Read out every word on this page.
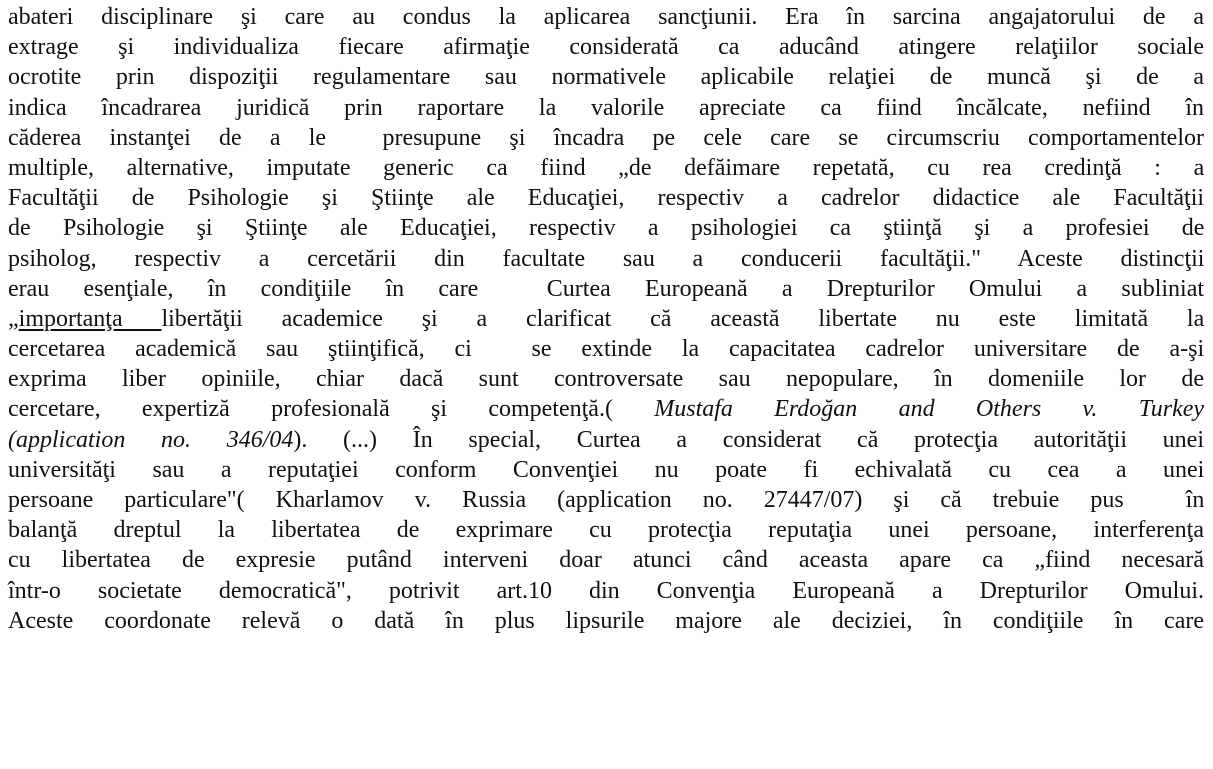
abateri disciplinare şi care au condus la aplicarea sancţiunii. Era în sarcina angajatorului de a
extrage şi individualiza fiecare afirmaţie considerată ca aducând atingere relaţiilor sociale
ocrotite prin dispoziţii regulamentare sau normativele aplicabile relaţiei de muncă şi de a
indica încadrarea juridică prin raportare la valorile apreciate ca fiind încălcate, nefiind în
căderea instanţei de a le  presupune şi încadra pe cele care se circumscriu comportamentelor
multiple, alternative, imputate generic ca fiind „de defăimare repetată, cu rea credinţă : a
Facultăţii de Psihologie şi Ştiinţe ale Educaţiei, respectiv a cadrelor didactice ale Facultăţii
de Psihologie şi Ştiinţe ale Educaţiei, respectiv a psihologiei ca ştiinţă şi a profesiei de
psiholog, respectiv a cercetării din facultate sau a conducerii facultăţii." Aceste distincţii
erau esenţiale, în condiţiile în care  Curtea Europeană a Drepturilor Omului a subliniat
„importanţa libertăţii academice şi a clarificat că această libertate nu este limitată la
cercetarea academică sau ştiinţifică, ci  se extinde la capacitatea cadrelor universitare de a-şi
exprima liber opiniile, chiar dacă sunt controversate sau nepopulare, în domeniile lor de
cercetare, expertiză profesională şi competenţă.( Mustafa Erdoğan and Others v. Turkey
(application no. 346/04). (...) În special, Curtea a considerat că protecţia autorităţii unei
universităţi sau a reputaţiei conform Convenţiei nu poate fi echivalată cu cea a unei
persoane particulare"( Kharlamov v. Russia (application no. 27447/07) şi că trebuie pus  în
balanţă dreptul la libertatea de exprimare cu protecţia reputaţia unei persoane, interferenţa
cu libertatea de expresie putând interveni doar atunci când aceasta apare ca „fiind necesară
într-o societate democratică", potrivit art.10 din Convenţia Europeană a Drepturilor Omului.
Aceste coordonate relevă o dată în plus lipsurile majore ale deciziei, în condiţiile în care
